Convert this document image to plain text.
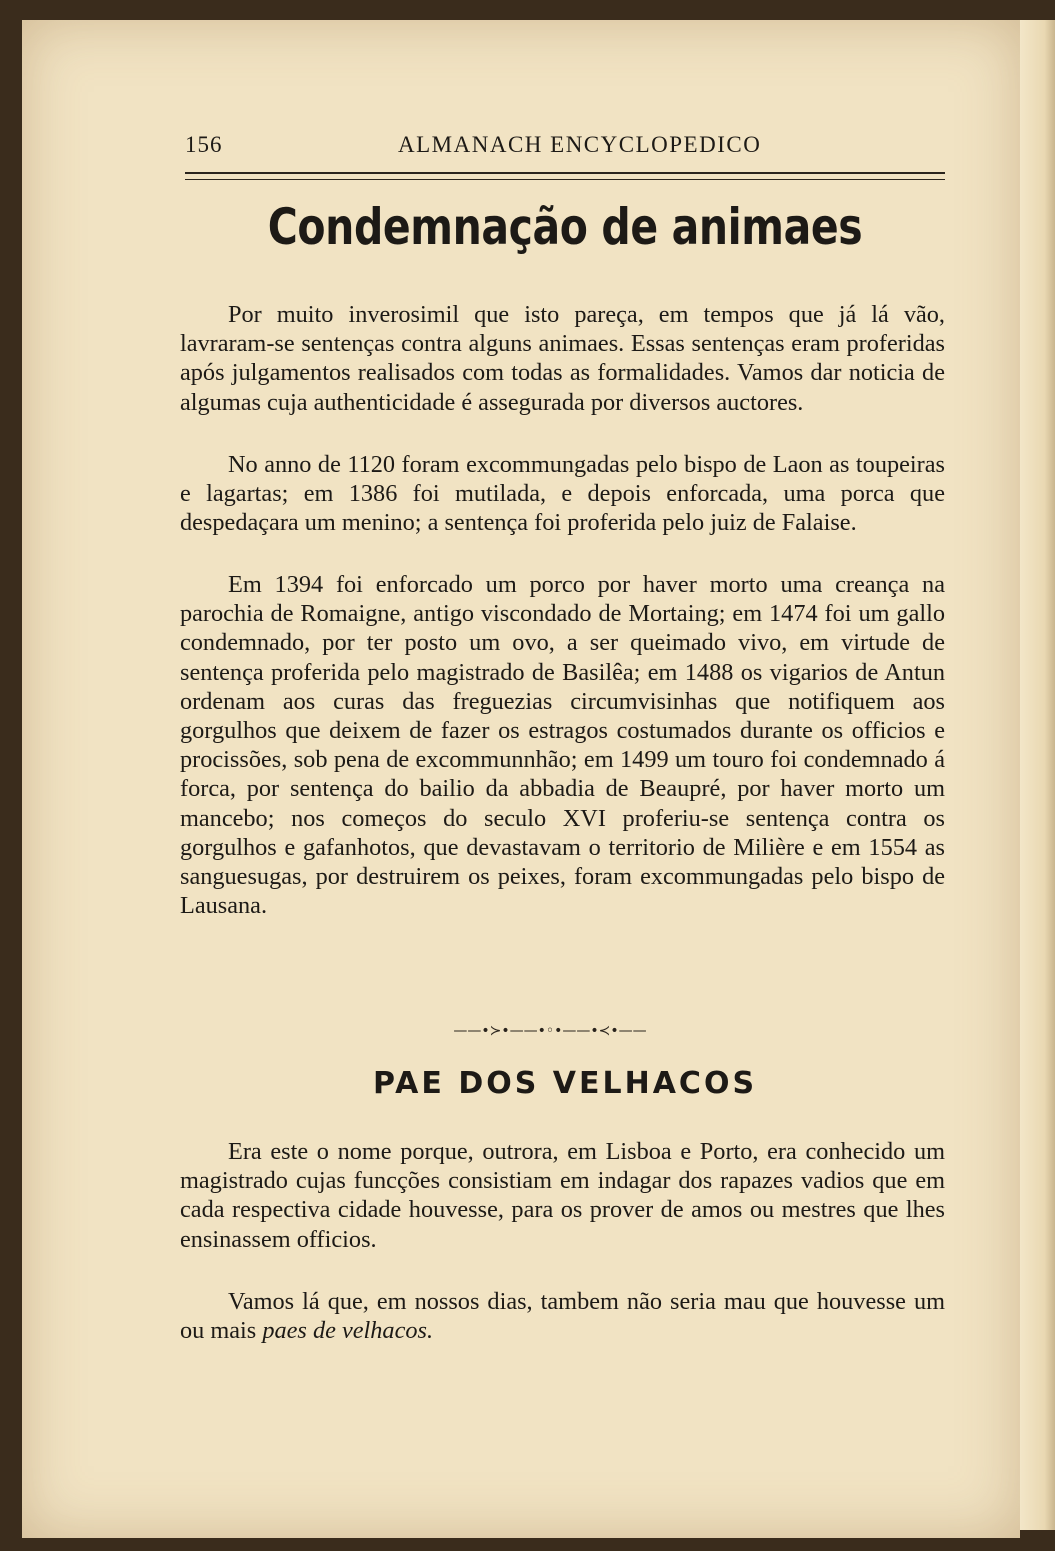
156	ALMANACH ENCYCLOPEDICO
Condemnação de animaes

Por muito inverosimil que isto pareça, em tempos que já lá vão, lavraram-se sentenças contra alguns animaes. Essas sentenças eram proferidas após julgamentos realisados com todas as formalidades. Vamos dar noticia de algumas cuja authenticidade é assegurada por diversos auctores.

No anno de 1120 foram excommungadas pelo bispo de Laon as toupeiras e lagartas; em 1386 foi mutilada, e depois enforcada, uma porca que despedaçara um menino; a sentença foi proferida pelo juiz de Falaise.

Em 1394 foi enforcado um porco por haver morto uma creança na parochia de Romaigne, antigo viscondado de Mortaing; em 1474 foi um gallo condemnado, por ter posto um ovo, a ser queimado vivo, em virtude de sentença proferida pelo magistrado de Basilêa; em 1488 os vigarios de Antun ordenam aos curas das freguezias circumvisinhas que notifiquem aos gorgulhos que deixem de fazer os estragos costumados durante os officios e procissões, sob pena de excommunnhão; em 1499 um touro foi condemnado á forca, por sentença do bailio da abbadia de Beaupré, por haver morto um mancebo; nos começos do seculo XVI proferiu-se sentença contra os gorgulhos e gafanhotos, que devastavam o territorio de Milière e em 1554 as sanguesugas, por destruirem os peixes, foram excommungadas pelo bispo de Lausana.

——•≻•——•◦•——•≺•——
PAE DOS VELHACOS

Era este o nome porque, outrora, em Lisboa e Porto, era conhecido um magistrado cujas funcções consistiam em indagar dos rapazes vadios que em cada respectiva cidade houvesse, para os prover de amos ou mestres que lhes ensinassem officios.

Vamos lá que, em nossos dias, tambem não seria mau que houvesse um ou mais paes de velhacos.
